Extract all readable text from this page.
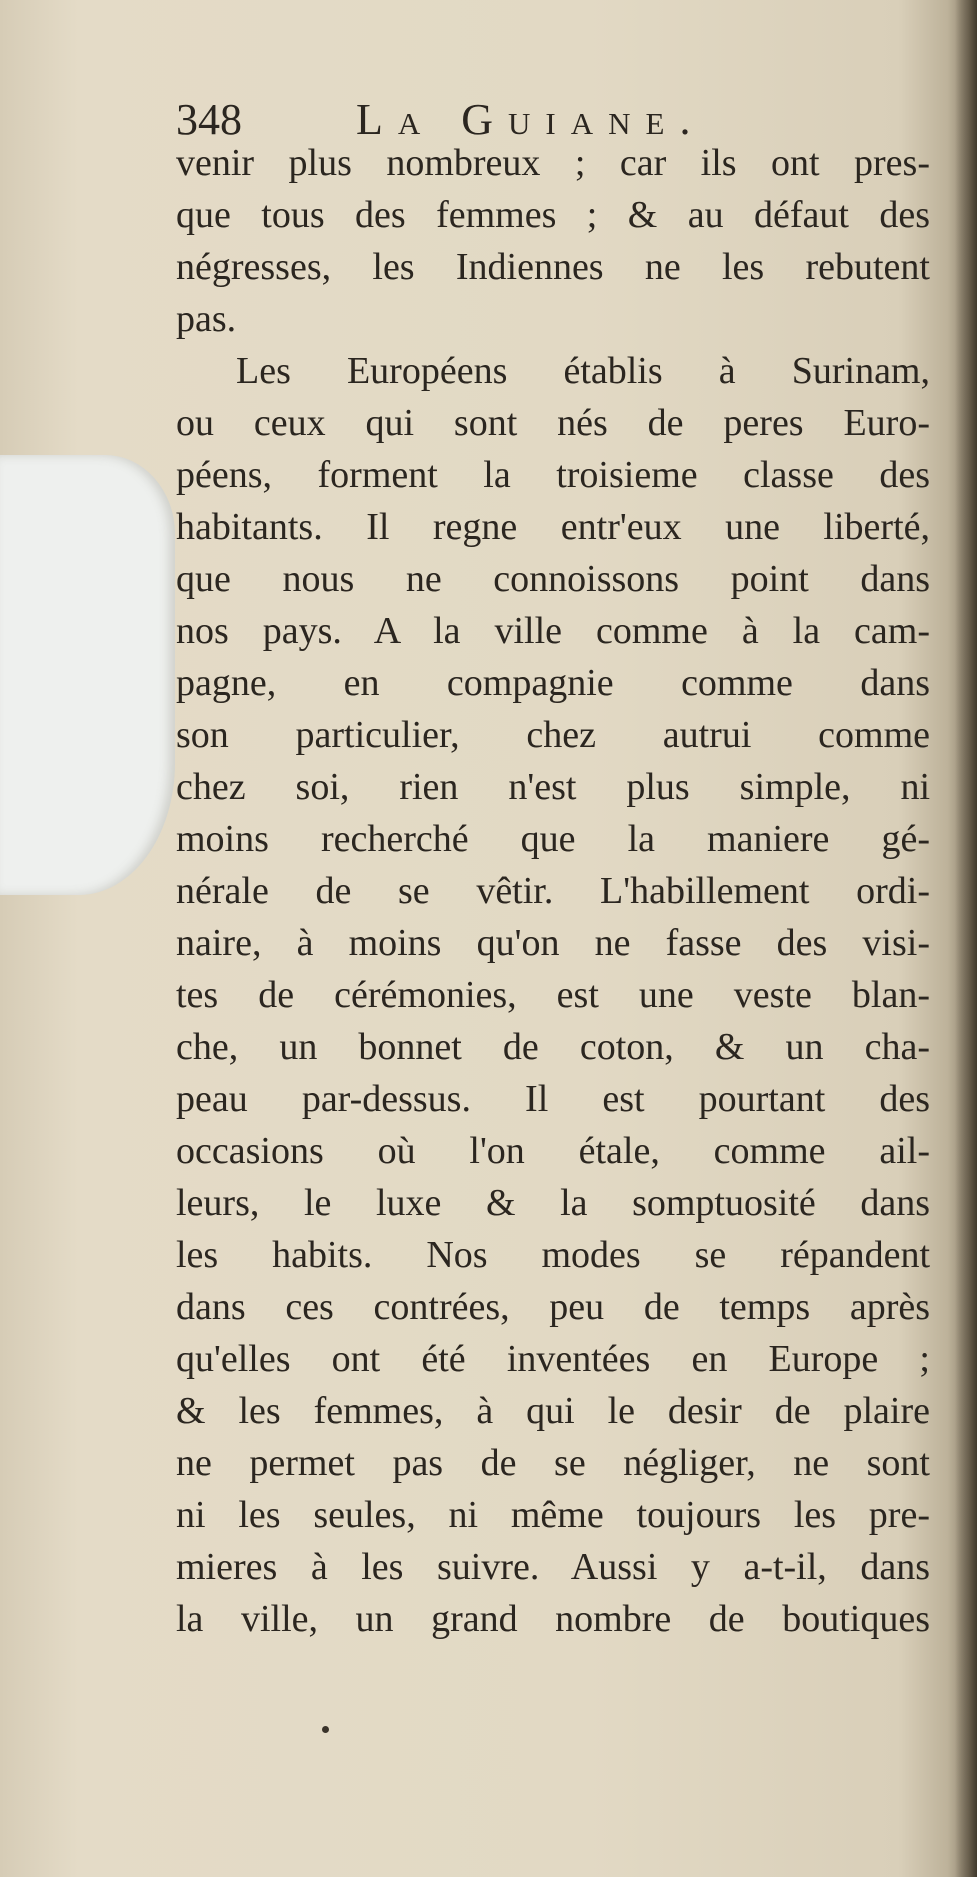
348	La Guiane.
venir plus nombreux ; car ils ont pres-
que tous des femmes ; & au défaut des
négresses, les Indiennes ne les rebutent
pas.
Les Européens établis à Surinam,
ou ceux qui sont nés de peres Euro-
péens, forment la troisieme classe des
habitants. Il regne entr'eux une liberté,
que nous ne connoissons point dans
nos pays. A la ville comme à la cam-
pagne, en compagnie comme dans
son particulier, chez autrui comme
chez soi, rien n'est plus simple, ni
moins recherché que la maniere gé-
nérale de se vêtir. L'habillement ordi-
naire, à moins qu'on ne fasse des visi-
tes de cérémonies, est une veste blan-
che, un bonnet de coton, & un cha-
peau par-dessus. Il est pourtant des
occasions où l'on étale, comme ail-
leurs, le luxe & la somptuosité dans
les habits. Nos modes se répandent
dans ces contrées, peu de temps après
qu'elles ont été inventées en Europe ;
& les femmes, à qui le desir de plaire
ne permet pas de se négliger, ne sont
ni les seules, ni même toujours les pre-
mieres à les suivre. Aussi y a-t-il, dans
la ville, un grand nombre de boutiques
